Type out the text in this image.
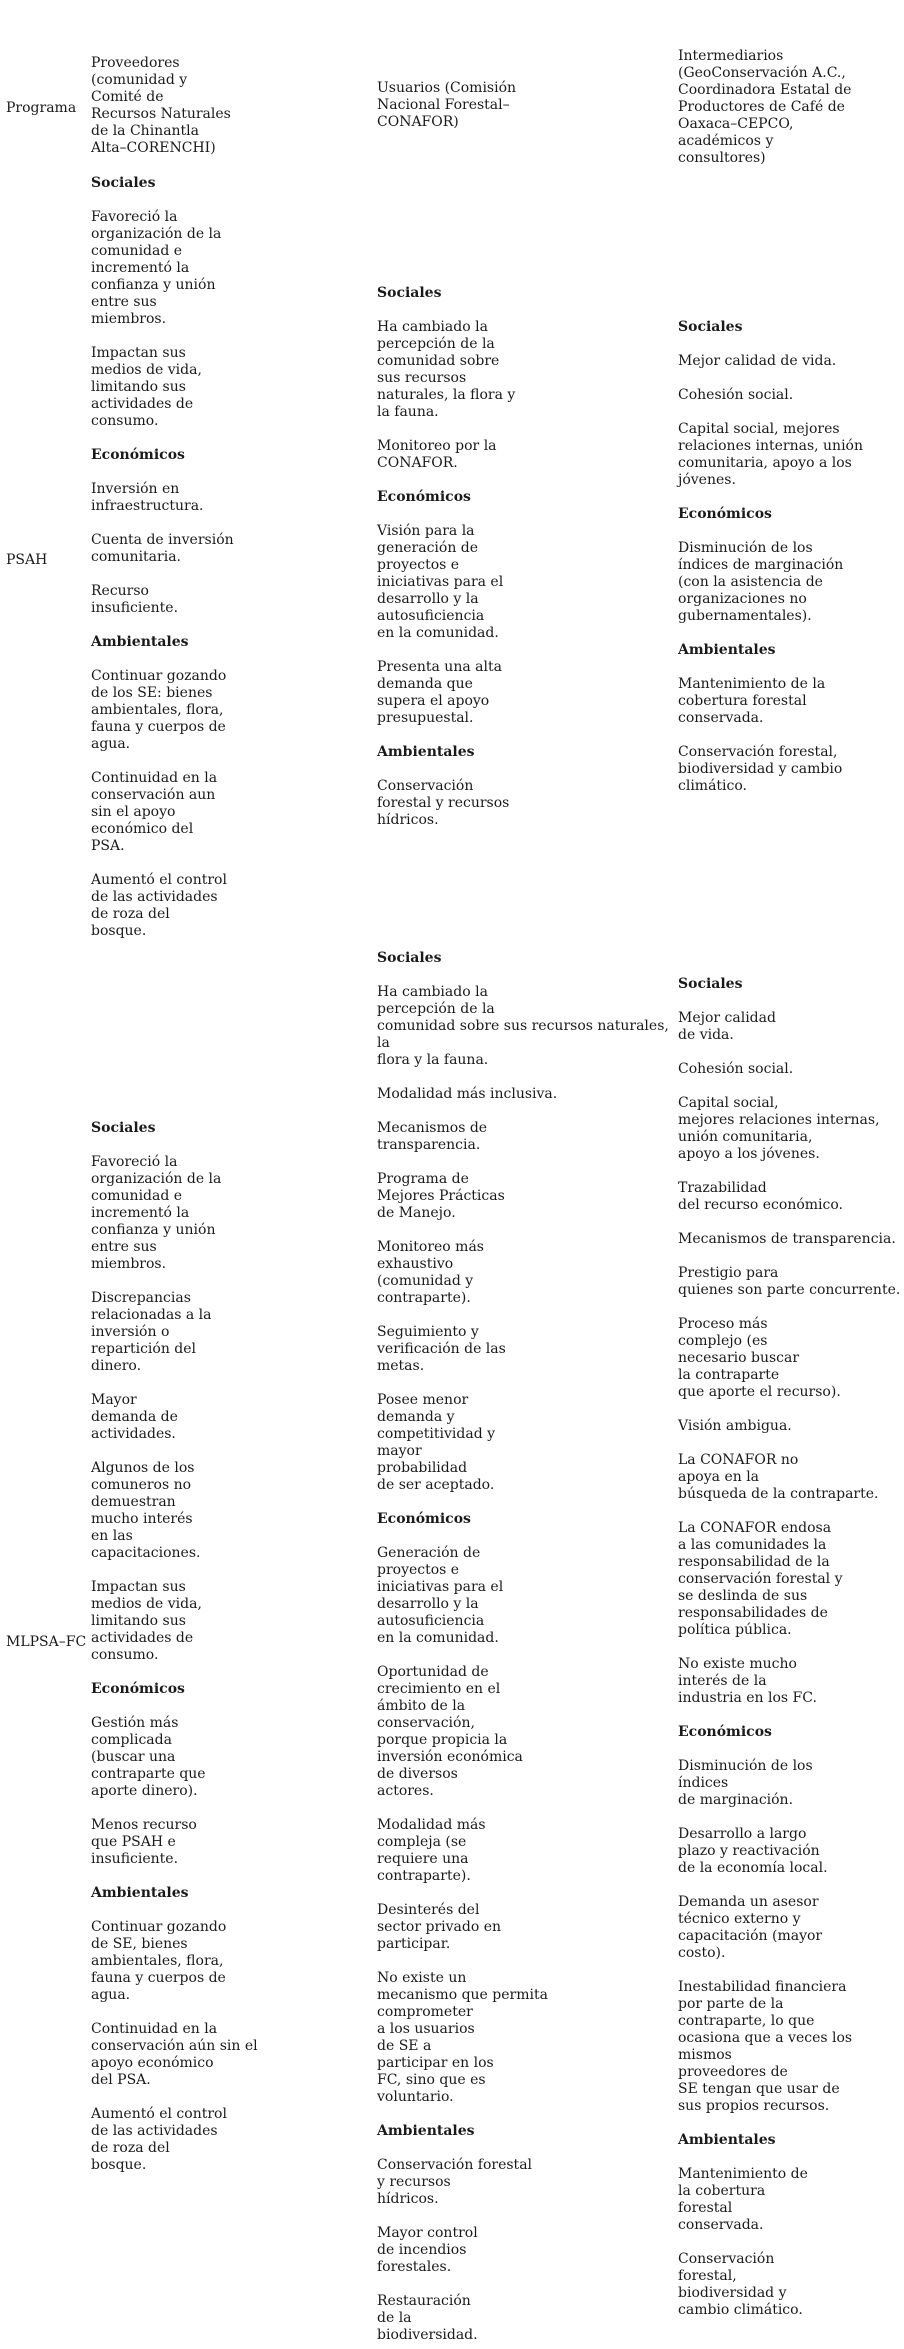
Programa
Proveedores
(comunidad y
Comité de
Recursos Naturales
de la Chinantla
Alta–CORENCHI)
Usuarios (Comisión
Nacional Forestal–
CONAFOR)
Intermediarios
(GeoConservación A.C.,
Coordinadora Estatal de
Productores de Café de
Oaxaca–CEPCO,
académicos y
consultores)
PSAH
Sociales
Favoreció la
organización de la
comunidad e
incrementó la
confianza y unión
entre sus
miembros.
Impactan sus
medios de vida,
limitando sus
actividades de
consumo.
Económicos
Inversión en
infraestructura.
Cuenta de inversión
comunitaria.
Recurso
insuficiente.
Ambientales
Continuar gozando
de los SE: bienes
ambientales, flora,
fauna y cuerpos de
agua.
Continuidad en la
conservación aun
sin el apoyo
económico del
PSA.
Aumentó el control
de las actividades
de roza del
bosque.
Sociales
Ha cambiado la
percepción de la
comunidad sobre
sus recursos
naturales, la flora y
la fauna.
Monitoreo por la
CONAFOR.
Económicos
Visión para la
generación de
proyectos e
iniciativas para el
desarrollo y la
autosuficiencia
en la comunidad.
Presenta una alta
demanda que
supera el apoyo
presupuestal.
Ambientales
Conservación
forestal y recursos
hídricos.
Sociales
Mejor calidad de vida.
Cohesión social.
Capital social, mejores
relaciones internas, unión
comunitaria, apoyo a los
jóvenes.
Económicos
Disminución de los
índices de marginación
(con la asistencia de
organizaciones no
gubernamentales).
Ambientales
Mantenimiento de la
cobertura forestal
conservada.
Conservación forestal,
biodiversidad y cambio
climático.
MLPSA–FC
Sociales
Favoreció la
organización de la
comunidad e
incrementó la
confianza y unión
entre sus
miembros.
Discrepancias
relacionadas a la
inversión o
repartición del
dinero.
Mayor
demanda de
actividades.
Algunos de los
comuneros no
demuestran
mucho interés
en las
capacitaciones.
Impactan sus
medios de vida,
limitando sus
actividades de
consumo.
Económicos
Gestión más
complicada
(buscar una
contraparte que
aporte dinero).
Menos recurso
que PSAH e
insuficiente.
Ambientales
Continuar gozando
de SE, bienes
ambientales, flora,
fauna y cuerpos de
agua.
Continuidad en la
conservación aún sin el apoyo económico
del PSA.
Aumentó el control
de las actividades
de roza del
bosque.
Sociales
Ha cambiado la
percepción de la
comunidad sobre sus recursos naturales, la
flora y la fauna.
Modalidad más inclusiva.
Mecanismos de
transparencia.
Programa de
Mejores Prácticas
de Manejo.
Monitoreo más
exhaustivo
(comunidad y
contraparte).
Seguimiento y
verificación de las
metas.
Posee menor
demanda y
competitividad y
mayor
probabilidad
de ser aceptado.
Económicos
Generación de
proyectos e
iniciativas para el
desarrollo y la
autosuficiencia
en la comunidad.
Oportunidad de
crecimiento en el
ámbito de la
conservación,
porque propicia la
inversión económica
de diversos
actores.
Modalidad más
compleja (se
requiere una
contraparte).
Desinterés del
sector privado en
participar.
No existe un
mecanismo que permita
comprometer
a los usuarios
de SE a
participar en los
FC, sino que es
voluntario.
Ambientales
Conservación forestal
y recursos
hídricos.
Mayor control
de incendios
forestales.
Restauración
de la
biodiversidad.
Sociales
Mejor calidad
de vida.
Cohesión social.
Capital social,
mejores relaciones internas,
unión comunitaria,
apoyo a los jóvenes.
Trazabilidad
del recurso económico.
Mecanismos de transparencia.
Prestigio para
quienes son parte concurrente.
Proceso más
complejo (es
necesario buscar
la contraparte
que aporte el recurso).
Visión ambigua.
La CONAFOR no
apoya en la
búsqueda de la contraparte.
La CONAFOR endosa
a las comunidades la
responsabilidad de la
conservación forestal y
se deslinda de sus
responsabilidades de
política pública.
No existe mucho
interés de la
industria en los FC.
Económicos
Disminución de los
índices
de marginación.
Desarrollo a largo
plazo y reactivación
de la economía local.
Demanda un asesor
técnico externo y
capacitación (mayor
costo).
Inestabilidad financiera
por parte de la
contraparte, lo que
ocasiona que a veces los mismos
proveedores de
SE tengan que usar de
sus propios recursos.
Ambientales
Mantenimiento de
la cobertura
forestal
conservada.
Conservación
forestal,
biodiversidad y
cambio climático.
